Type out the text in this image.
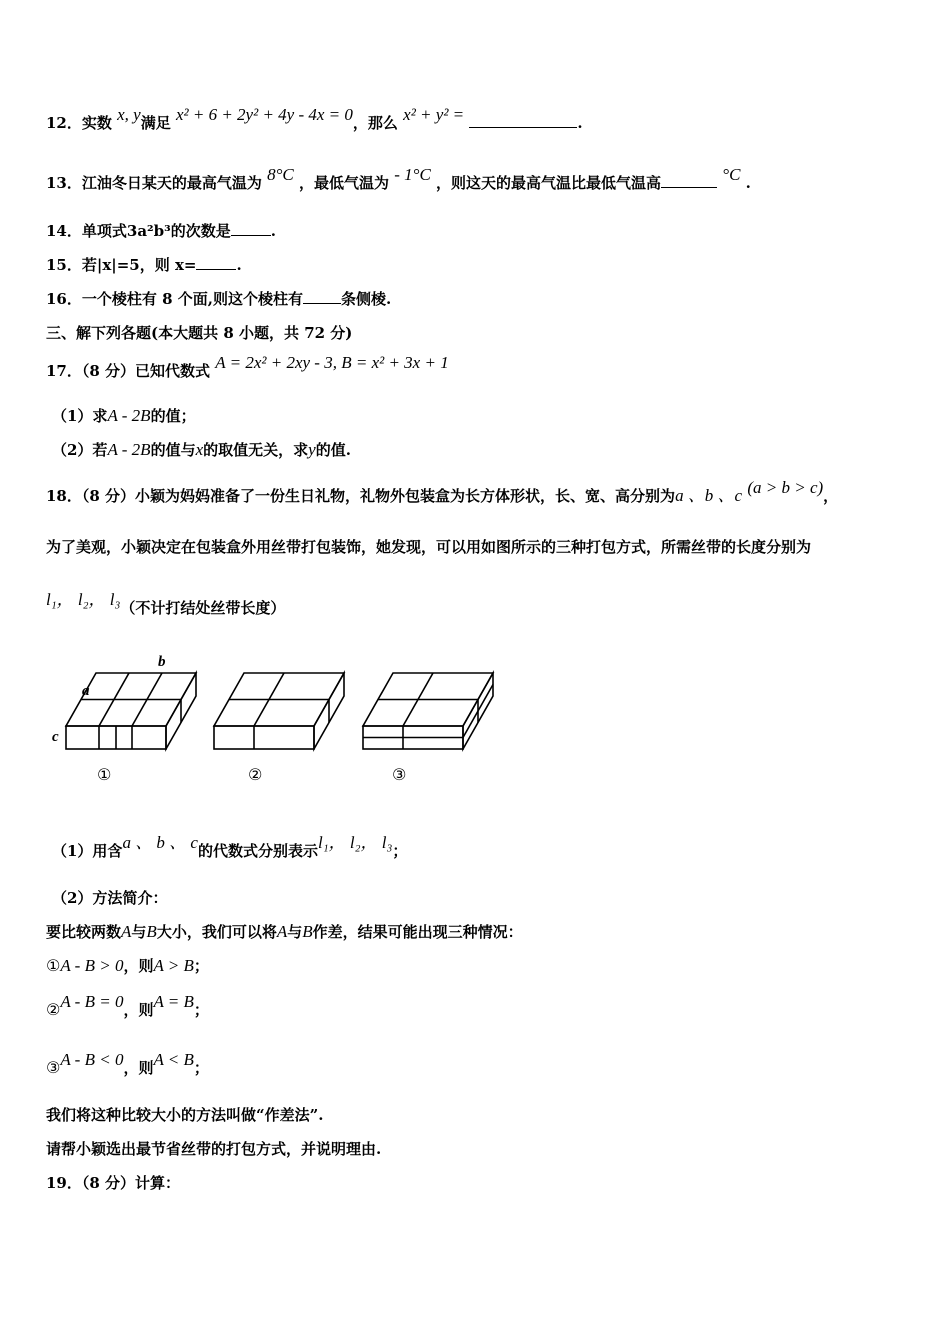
12．实数 x, y满足 x² + 6 + 2y² + 4y - 4x = 0，那么 x² + y² =	.
13．江油冬日某天的最高气温为 8°C ，最低气温为 - 1°C ，则这天的最高气温比最低气温高	°C .
14．单项式3a²b³的次数是	.
15．若|x|=5，则 x=	.
16．一个棱柱有 8 个面,则这个棱柱有	条侧棱.
三、解下列各题(本大题共 8 小题，共 72 分)
17．（8 分）已知代数式 A = 2x² + 2xy - 3, B = x² + 3x + 1
（1）求A - 2B的值；
（2）若A - 2B的值与x的取值无关，求y的值.
18．（8 分）小颖为妈妈准备了一份生日礼物，礼物外包装盒为长方体形状，长、宽、高分别为a 、b 、c (a > b > c)，
为了美观，小颖决定在包装盒外用丝带打包装饰，她发现，可以用如图所示的三种打包方式，所需丝带的长度分别为
l₁， l₂， l₃（不计打结处丝带长度）
b
a
c
①	②	③
（1）用含a 、 b 、 c的代数式分别表示l₁， l₂， l₃；
（2）方法简介：
要比较两数A与B大小，我们可以将A与B作差，结果可能出现三种情况：
①A - B > 0，则A > B；
②A - B = 0，则A = B；
③A - B < 0，则A < B；
我们将这种比较大小的方法叫做“作差法”.
请帮小颖选出最节省丝带的打包方式，并说明理由.
19．（8 分）计算：
